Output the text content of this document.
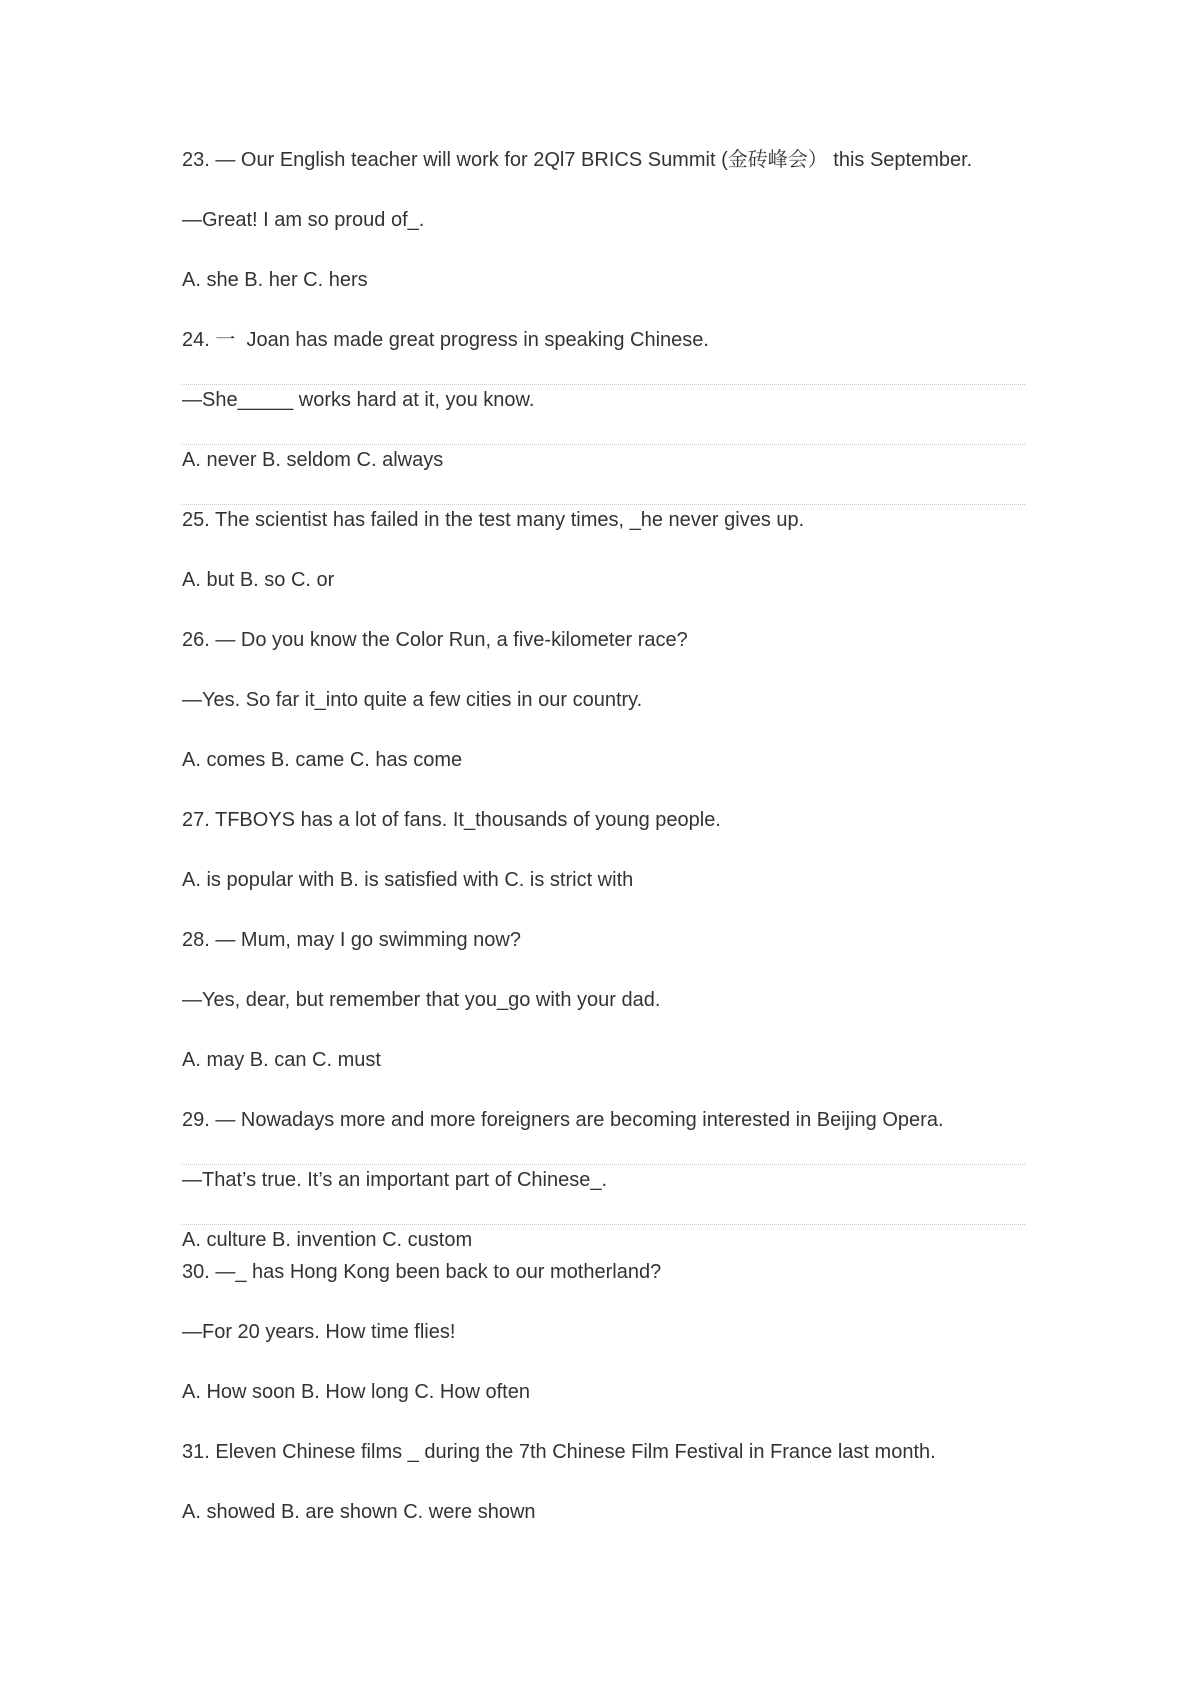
23. — Our English teacher will work for 2Ql7 BRICS Summit (金砖峰会） this September.
—Great! I am so proud of_.
A. she B. her C. hers
24. 一  Joan has made great progress in speaking Chinese.
—She_____ works hard at it, you know.
A. never B. seldom C. always
25. The scientist has failed in the test many times, _he never gives up.
A. but B. so C. or
26. — Do you know the Color Run, a five-kilometer race?
—Yes. So far it_into quite a few cities in our country.
A. comes B. came C. has come
27. TFBOYS has a lot of fans. It_thousands of young people.
A. is popular with B. is satisfied with C. is strict with
28. — Mum, may I go swimming now?
—Yes, dear, but remember that you_go with your dad.
A. may B. can C. must
29. — Nowadays more and more foreigners are becoming interested in Beijing Opera.
—That’s true. It’s an important part of Chinese_.
A. culture B. invention C. custom
30. —_ has Hong Kong been back to our motherland?
—For 20 years. How time flies!
A. How soon B. How long C. How often
31. Eleven Chinese films _ during the 7th Chinese Film Festival in France last month.
A. showed B. are shown C. were shown
